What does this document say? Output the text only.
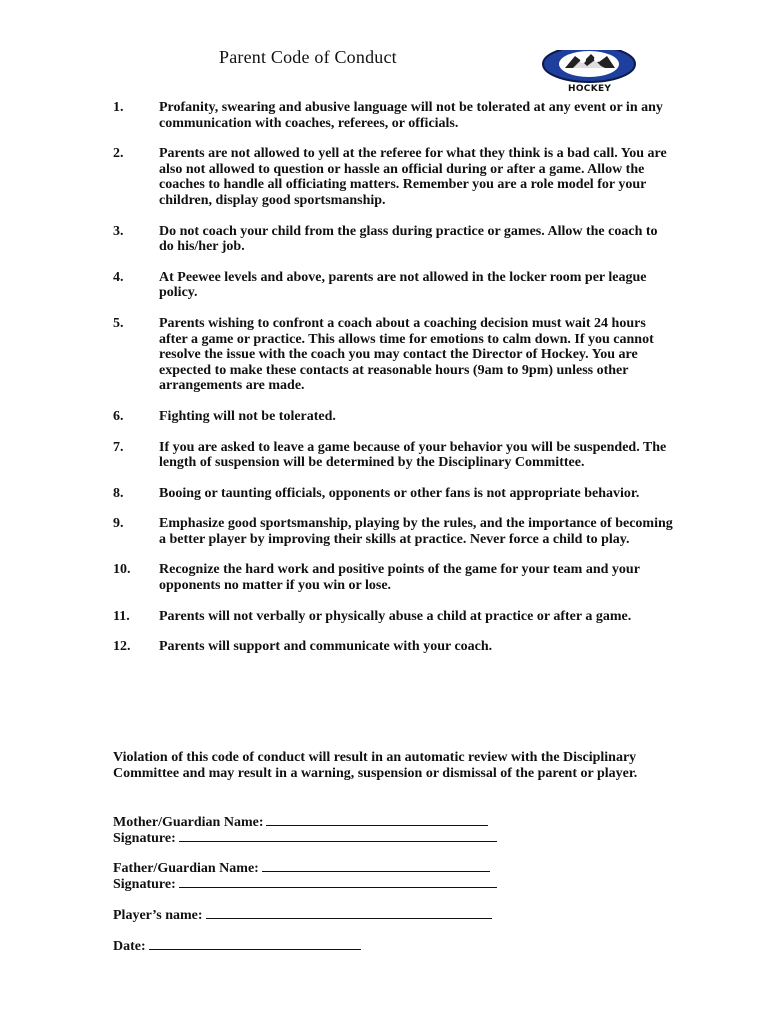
Parent Code of Conduct
HOCKEY
1.	Profanity, swearing and abusive language will not be tolerated at any event or in any communication with coaches, referees, or officials.
2.	Parents are not allowed to yell at the referee for what they think is a bad call. You are also not allowed to question or hassle an official during or after a game. Allow the coaches to handle all officiating matters. Remember you are a role model for your children, display good sportsmanship.
3.	Do not coach your child from the glass during practice or games. Allow the coach to do his/her job.
4.	At Peewee levels and above, parents are not allowed in the locker room per league policy.
5.	Parents wishing to confront a coach about a coaching decision must wait 24 hours after a game or practice. This allows time for emotions to calm down. If you cannot resolve the issue with the coach you may contact the Director of Hockey. You are expected to make these contacts at reasonable hours (9am to 9pm) unless other arrangements are made.
6.	Fighting will not be tolerated.
7.	If you are asked to leave a game because of your behavior you will be suspended. The length of suspension will be determined by the Disciplinary Committee.
8.	Booing or taunting officials, opponents or other fans is not appropriate behavior.
9.	Emphasize good sportsmanship, playing by the rules, and the importance of becoming a better player by improving their skills at practice. Never force a child to play.
10.	Recognize the hard work and positive points of the game for your team and your opponents no matter if you win or lose.
11.	Parents will not verbally or physically abuse a child at practice or after a game.
12.	Parents will support and communicate with your coach.

Violation of this code of conduct will result in an automatic review with the Disciplinary Committee and may result in a warning, suspension or dismissal of the parent or player.

Mother/Guardian Name:
Signature:
Father/Guardian Name:
Signature:
Player’s name:
Date:
